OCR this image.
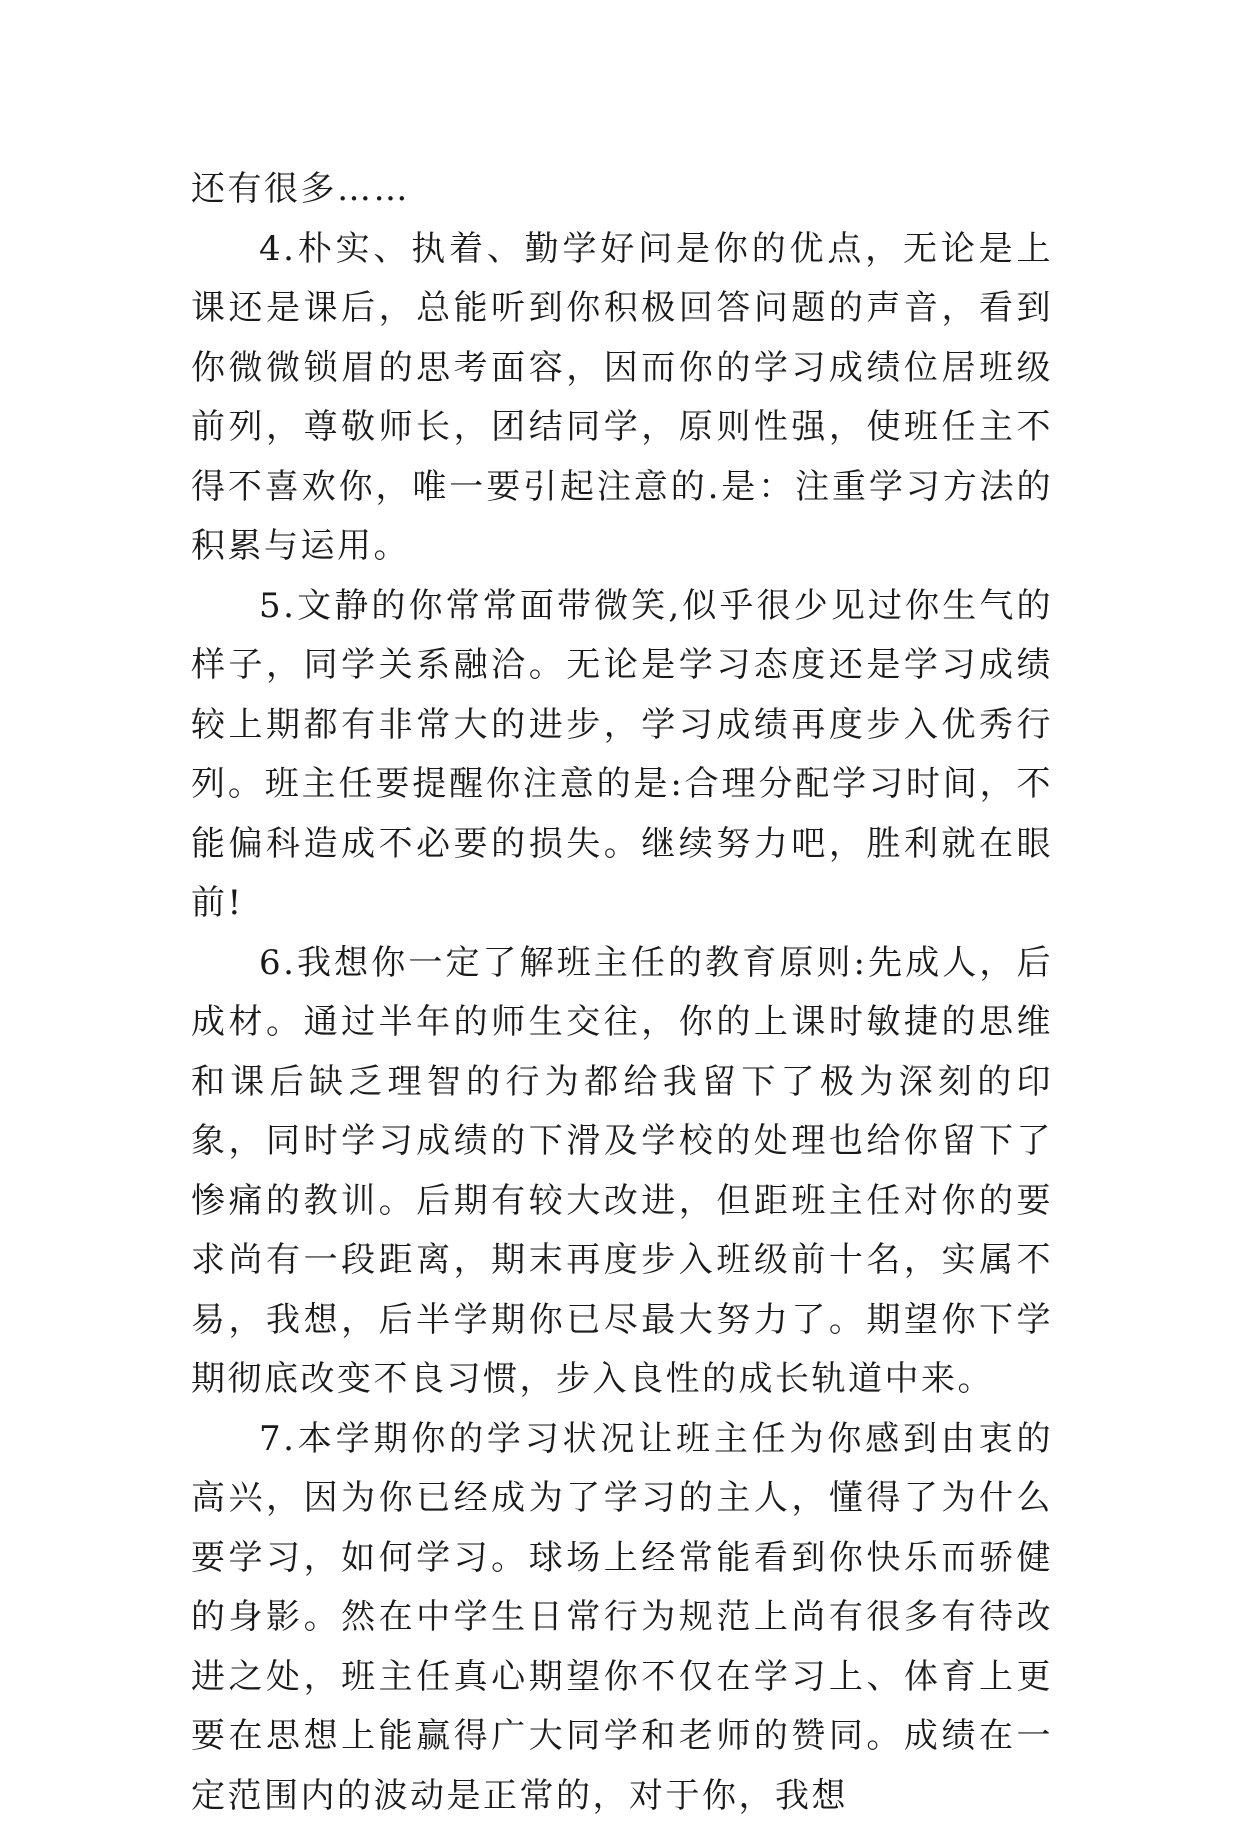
还有很多……

4.朴实、执着、勤学好问是你的优点，无论是上课还是课后，总能听到你积极回答问题的声音，看到你微微锁眉的思考面容，因而你的学习成绩位居班级前列，尊敬师长，团结同学，原则性强，使班任主不得不喜欢你，唯一要引起注意的.是：注重学习方法的积累与运用。

5.文静的你常常面带微笑,似乎很少见过你生气的样子，同学关系融洽。无论是学习态度还是学习成绩较上期都有非常大的进步，学习成绩再度步入优秀行列。班主任要提醒你注意的是:合理分配学习时间，不能偏科造成不必要的损失。继续努力吧，胜利就在眼前!

6.我想你一定了解班主任的教育原则:先成人，后成材。通过半年的师生交往，你的上课时敏捷的思维和课后缺乏理智的行为都给我留下了极为深刻的印象，同时学习成绩的下滑及学校的处理也给你留下了惨痛的教训。后期有较大改进，但距班主任对你的要求尚有一段距离，期末再度步入班级前十名，实属不易，我想，后半学期你已尽最大努力了。期望你下学期彻底改变不良习惯，步入良性的成长轨道中来。

7.本学期你的学习状况让班主任为你感到由衷的高兴，因为你已经成为了学习的主人，懂得了为什么要学习，如何学习。球场上经常能看到你快乐而骄健的身影。然在中学生日常行为规范上尚有很多有待改进之处，班主任真心期望你不仅在学习上、体育上更要在思想上能赢得广大同学和老师的赞同。成绩在一定范围内的波动是正常的，对于你，我想
